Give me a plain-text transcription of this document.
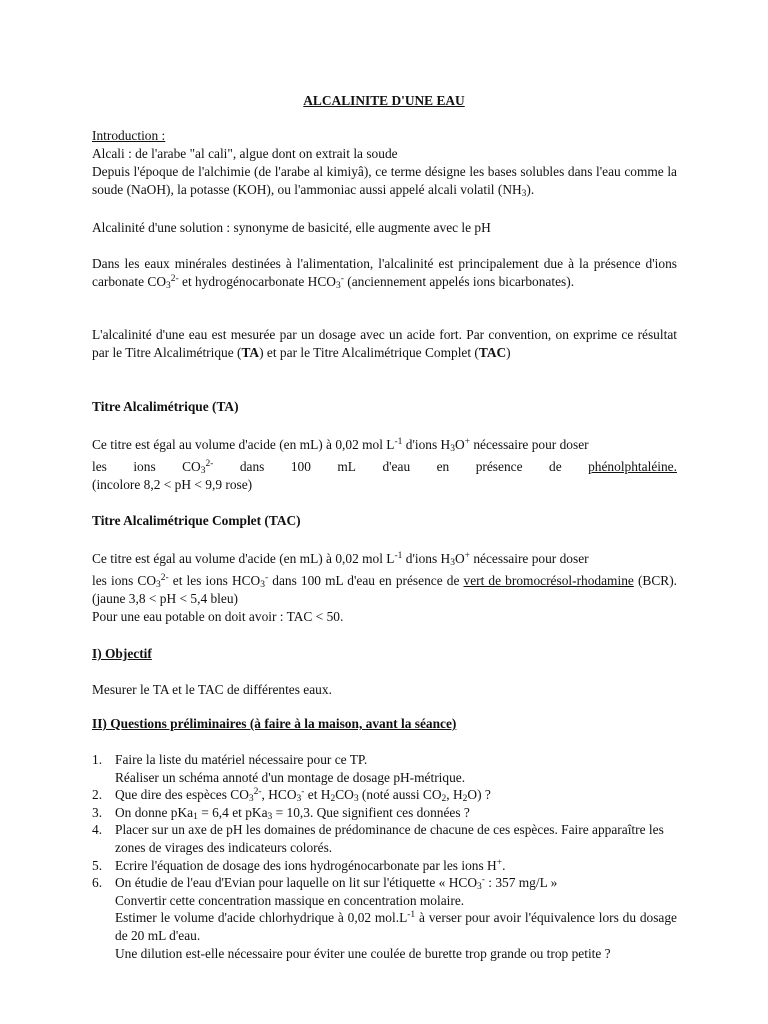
ALCALINITE D'UNE EAU
Introduction :
Alcali : de l'arabe "al cali", algue dont on extrait la soude
Depuis l'époque de l'alchimie (de l'arabe al kimiyâ), ce terme désigne les bases solubles dans l'eau comme la soude (NaOH), la potasse (KOH), ou l'ammoniac aussi appelé alcali volatil $(NH_3)$.
Alcalinité d'une solution : synonyme de basicité, elle augmente avec le pH
Dans les eaux minérales destinées à l'alimentation, l'alcalinité est principalement due à la présence d'ions carbonate $CO_3^{2-}$ et hydrogénocarbonate $HCO_3^-$ (anciennement appelés ions bicarbonates).
L'alcalinité d'une eau est mesurée par un dosage avec un acide fort. Par convention, on exprime ce résultat par le Titre Alcalimétrique (TA) et par le Titre Alcalimétrique Complet (TAC)
Titre Alcalimétrique (TA)
Ce titre est égal au volume d'acide (en mL) à 0,02 mol $L^{-1}$ d'ions $H_3O^+$ nécessaire pour doser
les ions $CO_3^{2-}$ dans 100 mL d'eau en présence de phénolphtaléine.
(incolore 8,2 < pH < 9,9 rose)
Titre Alcalimétrique Complet (TAC)
Ce titre est égal au volume d'acide (en mL) à 0,02 mol $L^{-1}$ d'ions $H_3O^+$ nécessaire pour doser
les ions $CO_3^{2-}$ et les ions $HCO_3^-$ dans 100 mL d'eau en présence de vert de bromocrésol-rhodamine (BCR). (jaune 3,8 < pH < 5,4 bleu)
Pour une eau potable on doit avoir : TAC < 50.
I) Objectif
Mesurer le TA et le TAC de différentes eaux.
II) Questions préliminaires (à faire à la maison, avant la séance)
1. Faire la liste du matériel nécessaire pour ce TP.
Réaliser un schéma annoté d'un montage de dosage pH-métrique.
2. Que dire des espèces $CO_3^{2-}$, $HCO_3^-$ et $H_2CO_3$ (noté aussi $CO_2$, $H_2O$) ?
3. On donne pKa$_1$ = 6,4 et pKa$_3$ = 10,3. Que signifient ces données ?
4. Placer sur un axe de pH les domaines de prédominance de chacune de ces espèces. Faire apparaître les zones de virages des indicateurs colorés.
5. Ecrire l'équation de dosage des ions hydrogénocarbonate par les ions H+.
6. On étudie de l'eau d'Evian pour laquelle on lit sur l'étiquette « $HCO_3^-$ : 357 mg/L »
Convertir cette concentration massique en concentration molaire.
Estimer le volume d'acide chlorhydrique à 0,02 $mol.L^{-1}$ à verser pour avoir l'équivalence lors du dosage de 20 mL d'eau.
Une dilution est-elle nécessaire pour éviter une coulée de burette trop grande ou trop petite ?
